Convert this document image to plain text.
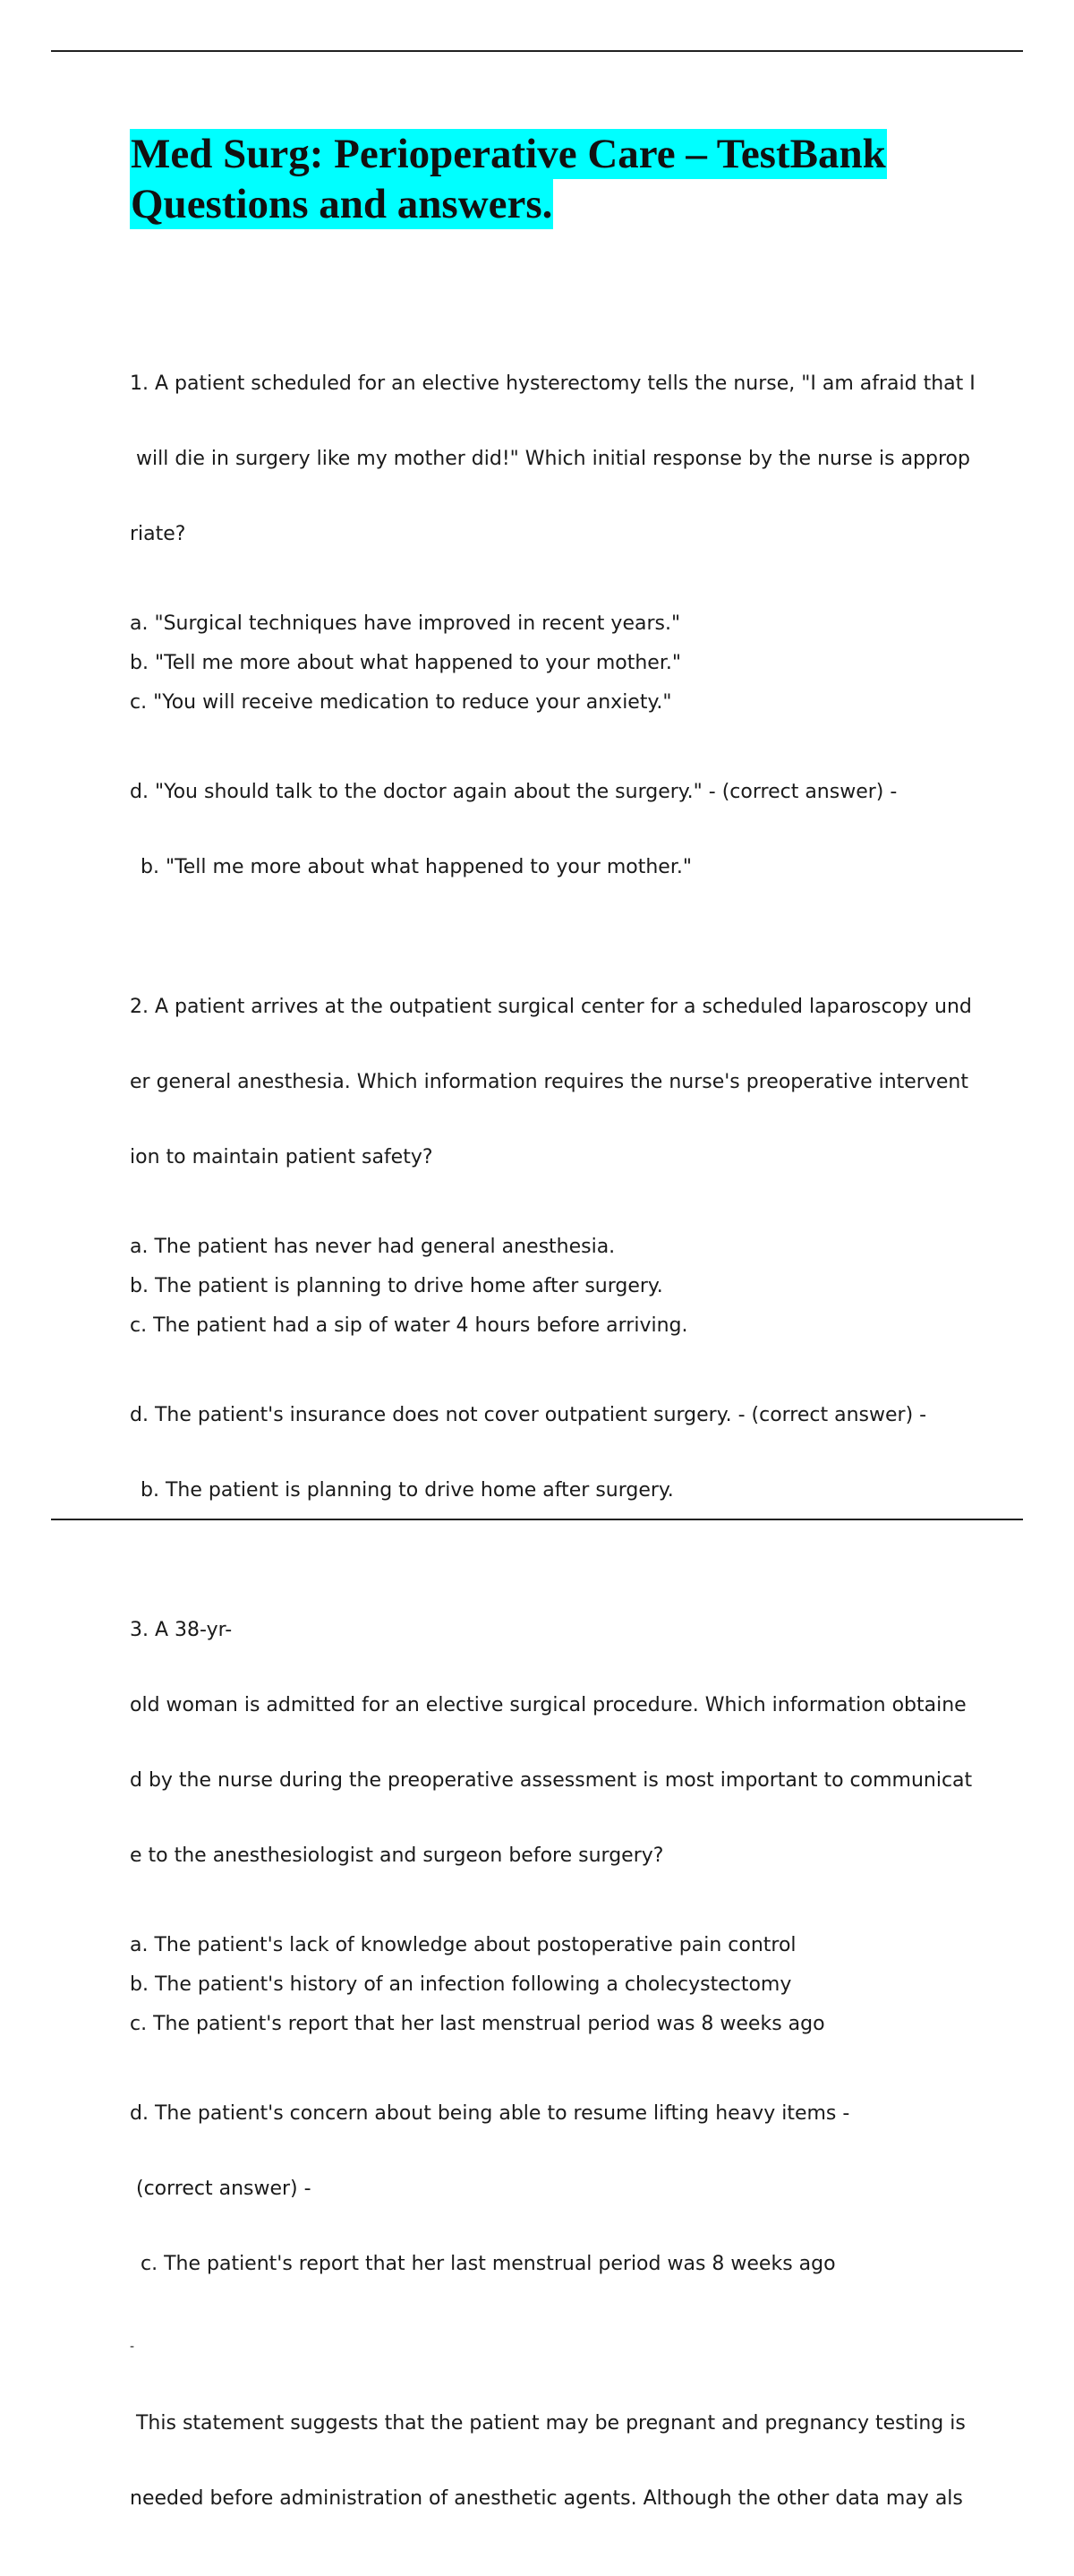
Med Surg: Perioperative Care – TestBank
Questions and answers.

1. A patient scheduled for an elective hysterectomy tells the nurse, "I am afraid that I

will die in surgery like my mother did!" Which initial response by the nurse is approp

riate?

a. "Surgical techniques have improved in recent years."
b. "Tell me more about what happened to your mother."
c. "You will receive medication to reduce your anxiety."

d. "You should talk to the doctor again about the surgery." - (correct answer) -

b. "Tell me more about what happened to your mother."

2. A patient arrives at the outpatient surgical center for a scheduled laparoscopy und

er general anesthesia. Which information requires the nurse's preoperative intervent

ion to maintain patient safety?

a. The patient has never had general anesthesia.
b. The patient is planning to drive home after surgery.
c. The patient had a sip of water 4 hours before arriving.

d. The patient's insurance does not cover outpatient surgery. - (correct answer) -

b. The patient is planning to drive home after surgery.

3. A 38-yr-

old woman is admitted for an elective surgical procedure. Which information obtaine

d by the nurse during the preoperative assessment is most important to communicat

e to the anesthesiologist and surgeon before surgery?

a. The patient's lack of knowledge about postoperative pain control
b. The patient's history of an infection following a cholecystectomy
c. The patient's report that her last menstrual period was 8 weeks ago

d. The patient's concern about being able to resume lifting heavy items -

(correct answer) -

c. The patient's report that her last menstrual period was 8 weeks ago

-

This statement suggests that the patient may be pregnant and pregnancy testing is

needed before administration of anesthetic agents. Although the other data may als
